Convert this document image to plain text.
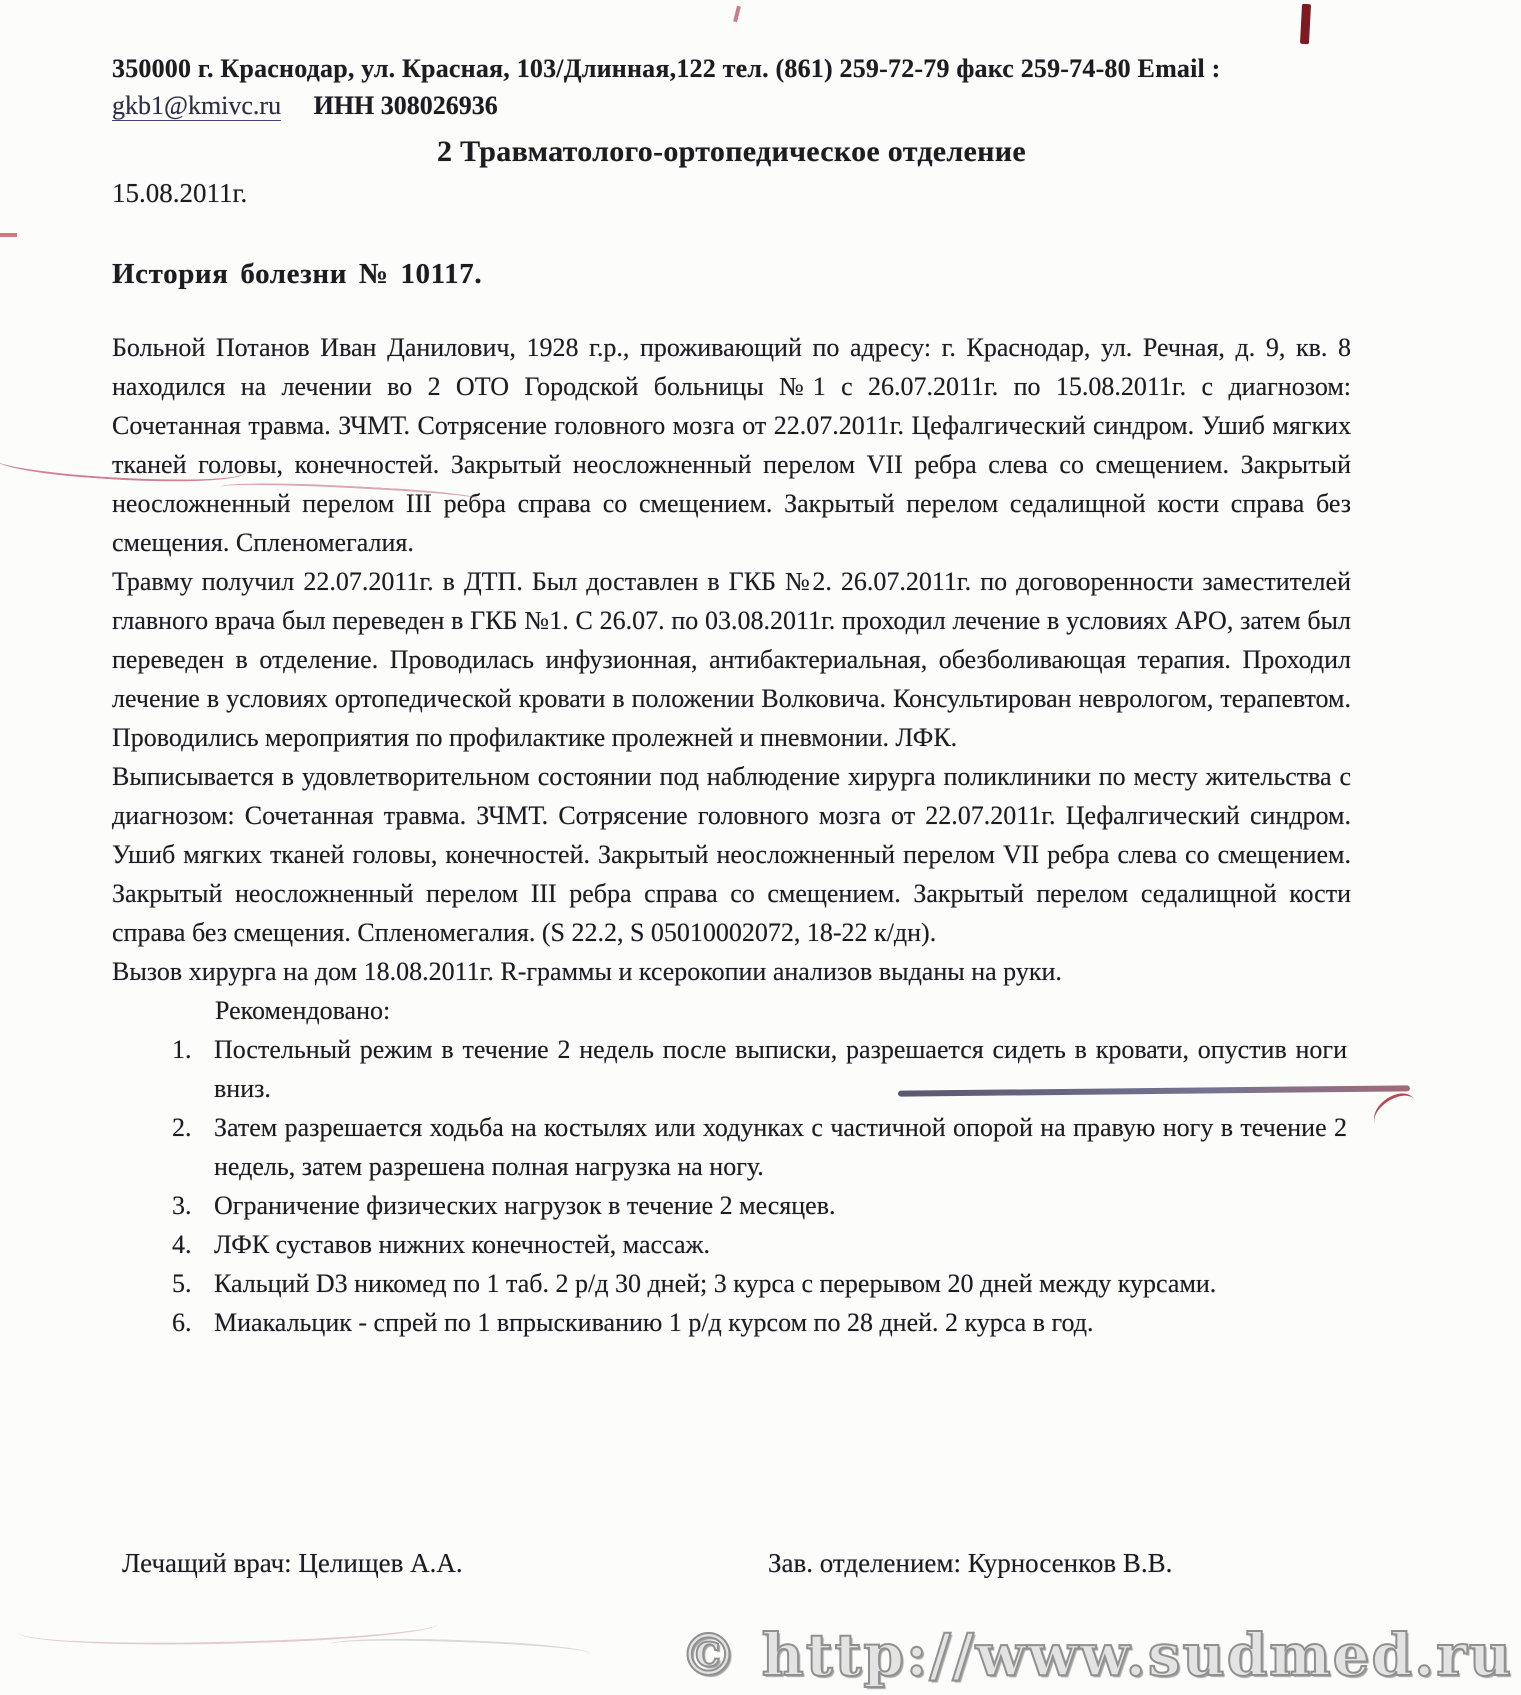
350000 г. Краснодар, ул. Красная, 103/Длинная,122 тел. (861) 259-72-79 факс 259-74-80 Email :
gkb1@kmivc.ru ИНН 308026936
2 Травматолого-ортопедическое отделение
15.08.2011г.
История болезни № 10117.

Больной Потанов Иван Данилович, 1928 г.р., проживающий по адресу: г. Краснодар, ул. Речная, д. 9, кв. 8 находился на лечении во 2 ОТО Городской больницы №1 с 26.07.2011г. по 15.08.2011г. с диагнозом: Сочетанная травма. ЗЧМТ. Сотрясение головного мозга от 22.07.2011г. Цефалгический синдром. Ушиб мягких тканей головы, конечностей. Закрытый неосложненный перелом VII ребра слева со смещением. Закрытый неосложненный перелом III ребра справа со смещением. Закрытый перелом седалищной кости справа без смещения. Спленомегалия.

Травму получил 22.07.2011г. в ДТП. Был доставлен в ГКБ №2. 26.07.2011г. по договоренности заместителей главного врача был переведен в ГКБ №1. С 26.07. по 03.08.2011г. проходил лечение в условиях АРО, затем был переведен в отделение. Проводилась инфузионная, антибактериальная, обезболивающая терапия. Проходил лечение в условиях ортопедической кровати в положении Волковича. Консультирован неврологом, терапевтом. Проводились мероприятия по профилактике пролежней и пневмонии. ЛФК.

Выписывается в удовлетворительном состоянии под наблюдение хирурга поликлиники по месту жительства с диагнозом: Сочетанная травма. ЗЧМТ. Сотрясение головного мозга от 22.07.2011г. Цефалгический синдром. Ушиб мягких тканей головы, конечностей. Закрытый неосложненный перелом VII ребра слева со смещением. Закрытый неосложненный перелом III ребра справа со смещением. Закрытый перелом седалищной кости справа без смещения. Спленомегалия. (S 22.2, S 05010002072, 18-22 к/дн).

Вызов хирурга на дом 18.08.2011г. R-граммы и ксерокопии анализов выданы на руки.

Рекомендовано:
1. Постельный режим в течение 2 недель после выписки, разрешается сидеть в кровати, опустив ноги вниз.
2. Затем разрешается ходьба на костылях или ходунках с частичной опорой на правую ногу в течение 2 недель, затем разрешена полная нагрузка на ногу.
3. Ограничение физических нагрузок в течение 2 месяцев.
4. ЛФК суставов нижних конечностей, массаж.
5. Кальций D3 никомед по 1 таб. 2 р/д 30 дней; 3 курса с перерывом 20 дней между курсами.
6. Миакальцик - спрей по 1 впрыскиванию 1 р/д курсом по 28 дней. 2 курса в год.
Лечащий врач: Целищев А.А.	Зав. отделением: Курносенков В.В.
© http://www.sudmed.ru
